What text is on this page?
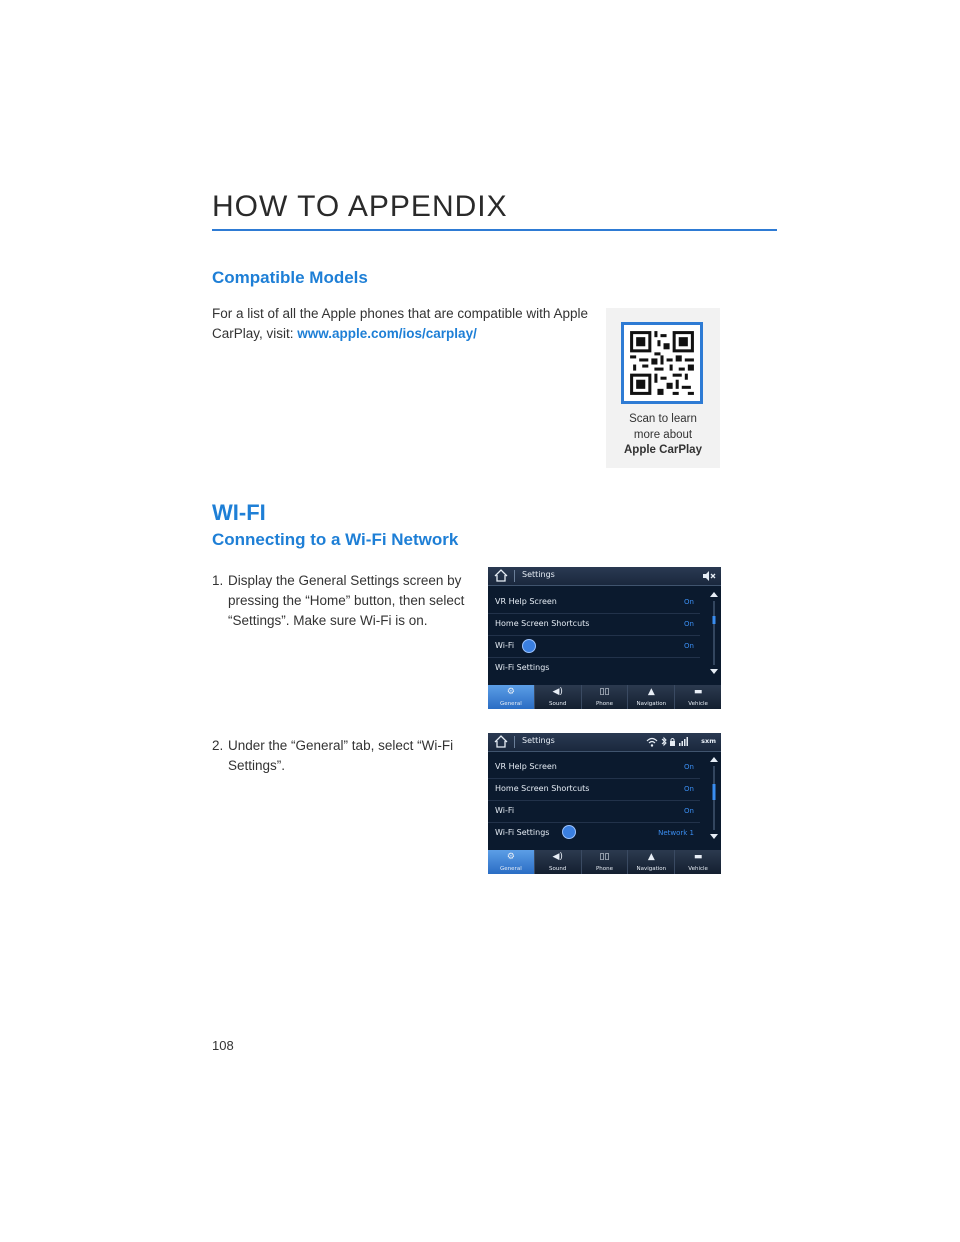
HOW TO APPENDIX
Compatible Models
For a list of all the Apple phones that are compatible with Apple
CarPlay, visit: www.apple.com/ios/carplay/
Scan to learn
more about
Apple CarPlay
WI-FI
Connecting to a Wi-Fi Network
1. Display the General Settings screen by
pressing the “Home” button, then select
“Settings”. Make sure Wi-Fi is on.
2. Under the “General” tab, select “Wi-Fi
Settings”.
Settings
VR Help Screen	On
Home Screen Shortcuts	On
Wi-Fi	On
Wi-Fi Settings
⚙
General
◀)
Sound
▯▯
Phone
▲
Navigation
▬
Vehicle
Settings	sxm
VR Help Screen	On
Home Screen Shortcuts	On
Wi-Fi	On
Wi-Fi Settings	Network 1
⚙
General
◀)
Sound
▯▯
Phone
▲
Navigation
▬
Vehicle
108
